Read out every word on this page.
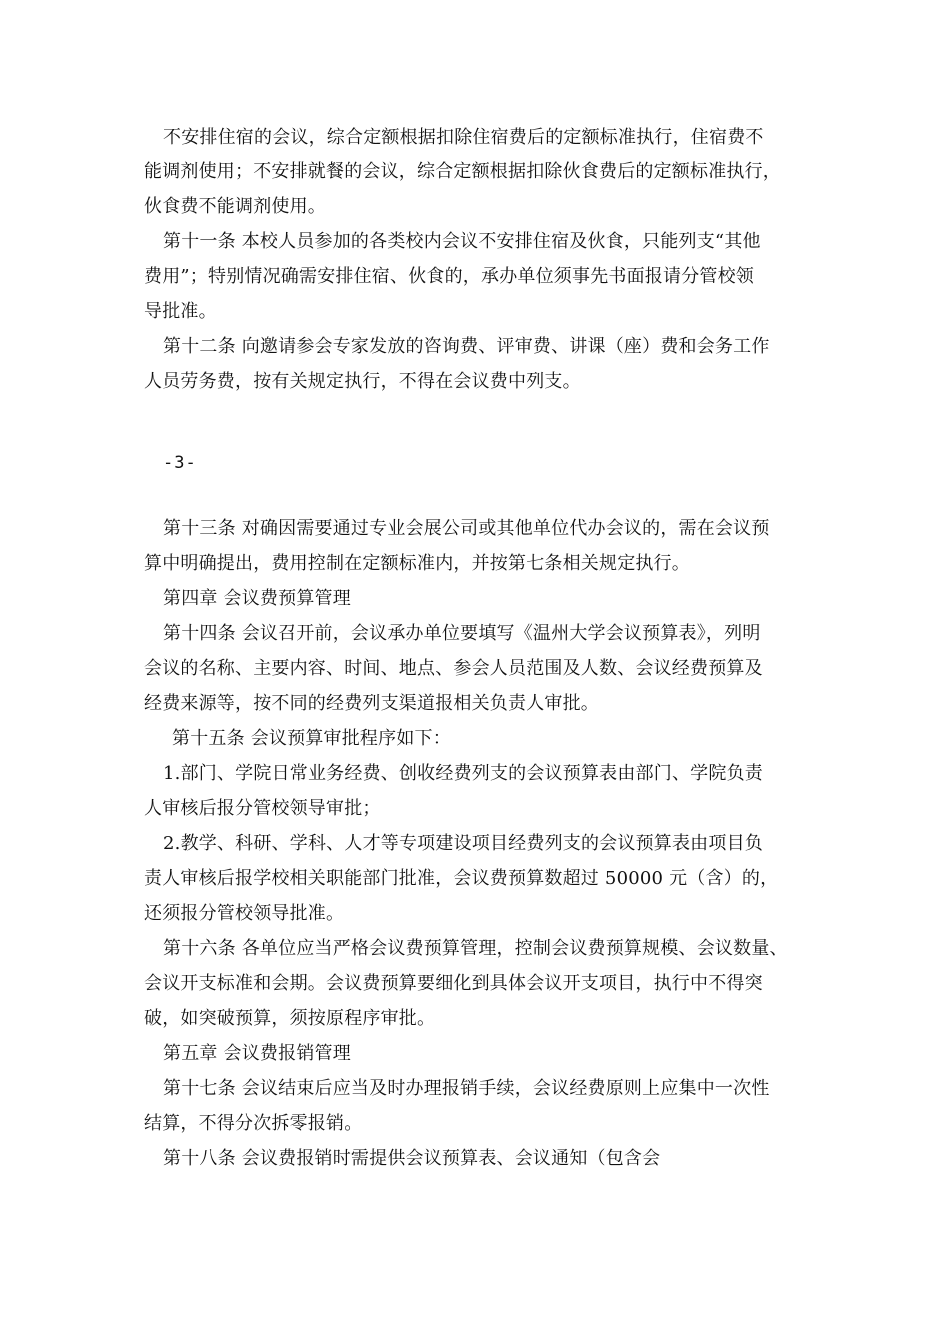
不安排住宿的会议，综合定额根据扣除住宿费后的定额标准执行，住宿费不
能调剂使用；不安排就餐的会议，综合定额根据扣除伙食费后的定额标准执行，
伙食费不能调剂使用。
第十一条 本校人员参加的各类校内会议不安排住宿及伙食，只能列支“其他
费用”；特别情况确需安排住宿、伙食的，承办单位须事先书面报请分管校领
导批准。
第十二条 向邀请参会专家发放的咨询费、评审费、讲课（座）费和会务工作
人员劳务费，按有关规定执行，不得在会议费中列支。
-3-
第十三条 对确因需要通过专业会展公司或其他单位代办会议的，需在会议预
算中明确提出，费用控制在定额标准内，并按第七条相关规定执行。
第四章 会议费预算管理
第十四条 会议召开前，会议承办单位要填写《温州大学会议预算表》，列明
会议的名称、主要内容、时间、地点、参会人员范围及人数、会议经费预算及
经费来源等，按不同的经费列支渠道报相关负责人审批。
第十五条 会议预算审批程序如下：
1.部门、学院日常业务经费、创收经费列支的会议预算表由部门、学院负责
人审核后报分管校领导审批；
2.教学、科研、学科、人才等专项建设项目经费列支的会议预算表由项目负
责人审核后报学校相关职能部门批准，会议费预算数超过 50000 元（含）的，
还须报分管校领导批准。
第十六条 各单位应当严格会议费预算管理，控制会议费预算规模、会议数量、
会议开支标准和会期。会议费预算要细化到具体会议开支项目，执行中不得突
破，如突破预算，须按原程序审批。
第五章 会议费报销管理
第十七条 会议结束后应当及时办理报销手续，会议经费原则上应集中一次性
结算，不得分次拆零报销。
第十八条 会议费报销时需提供会议预算表、会议通知（包含会
